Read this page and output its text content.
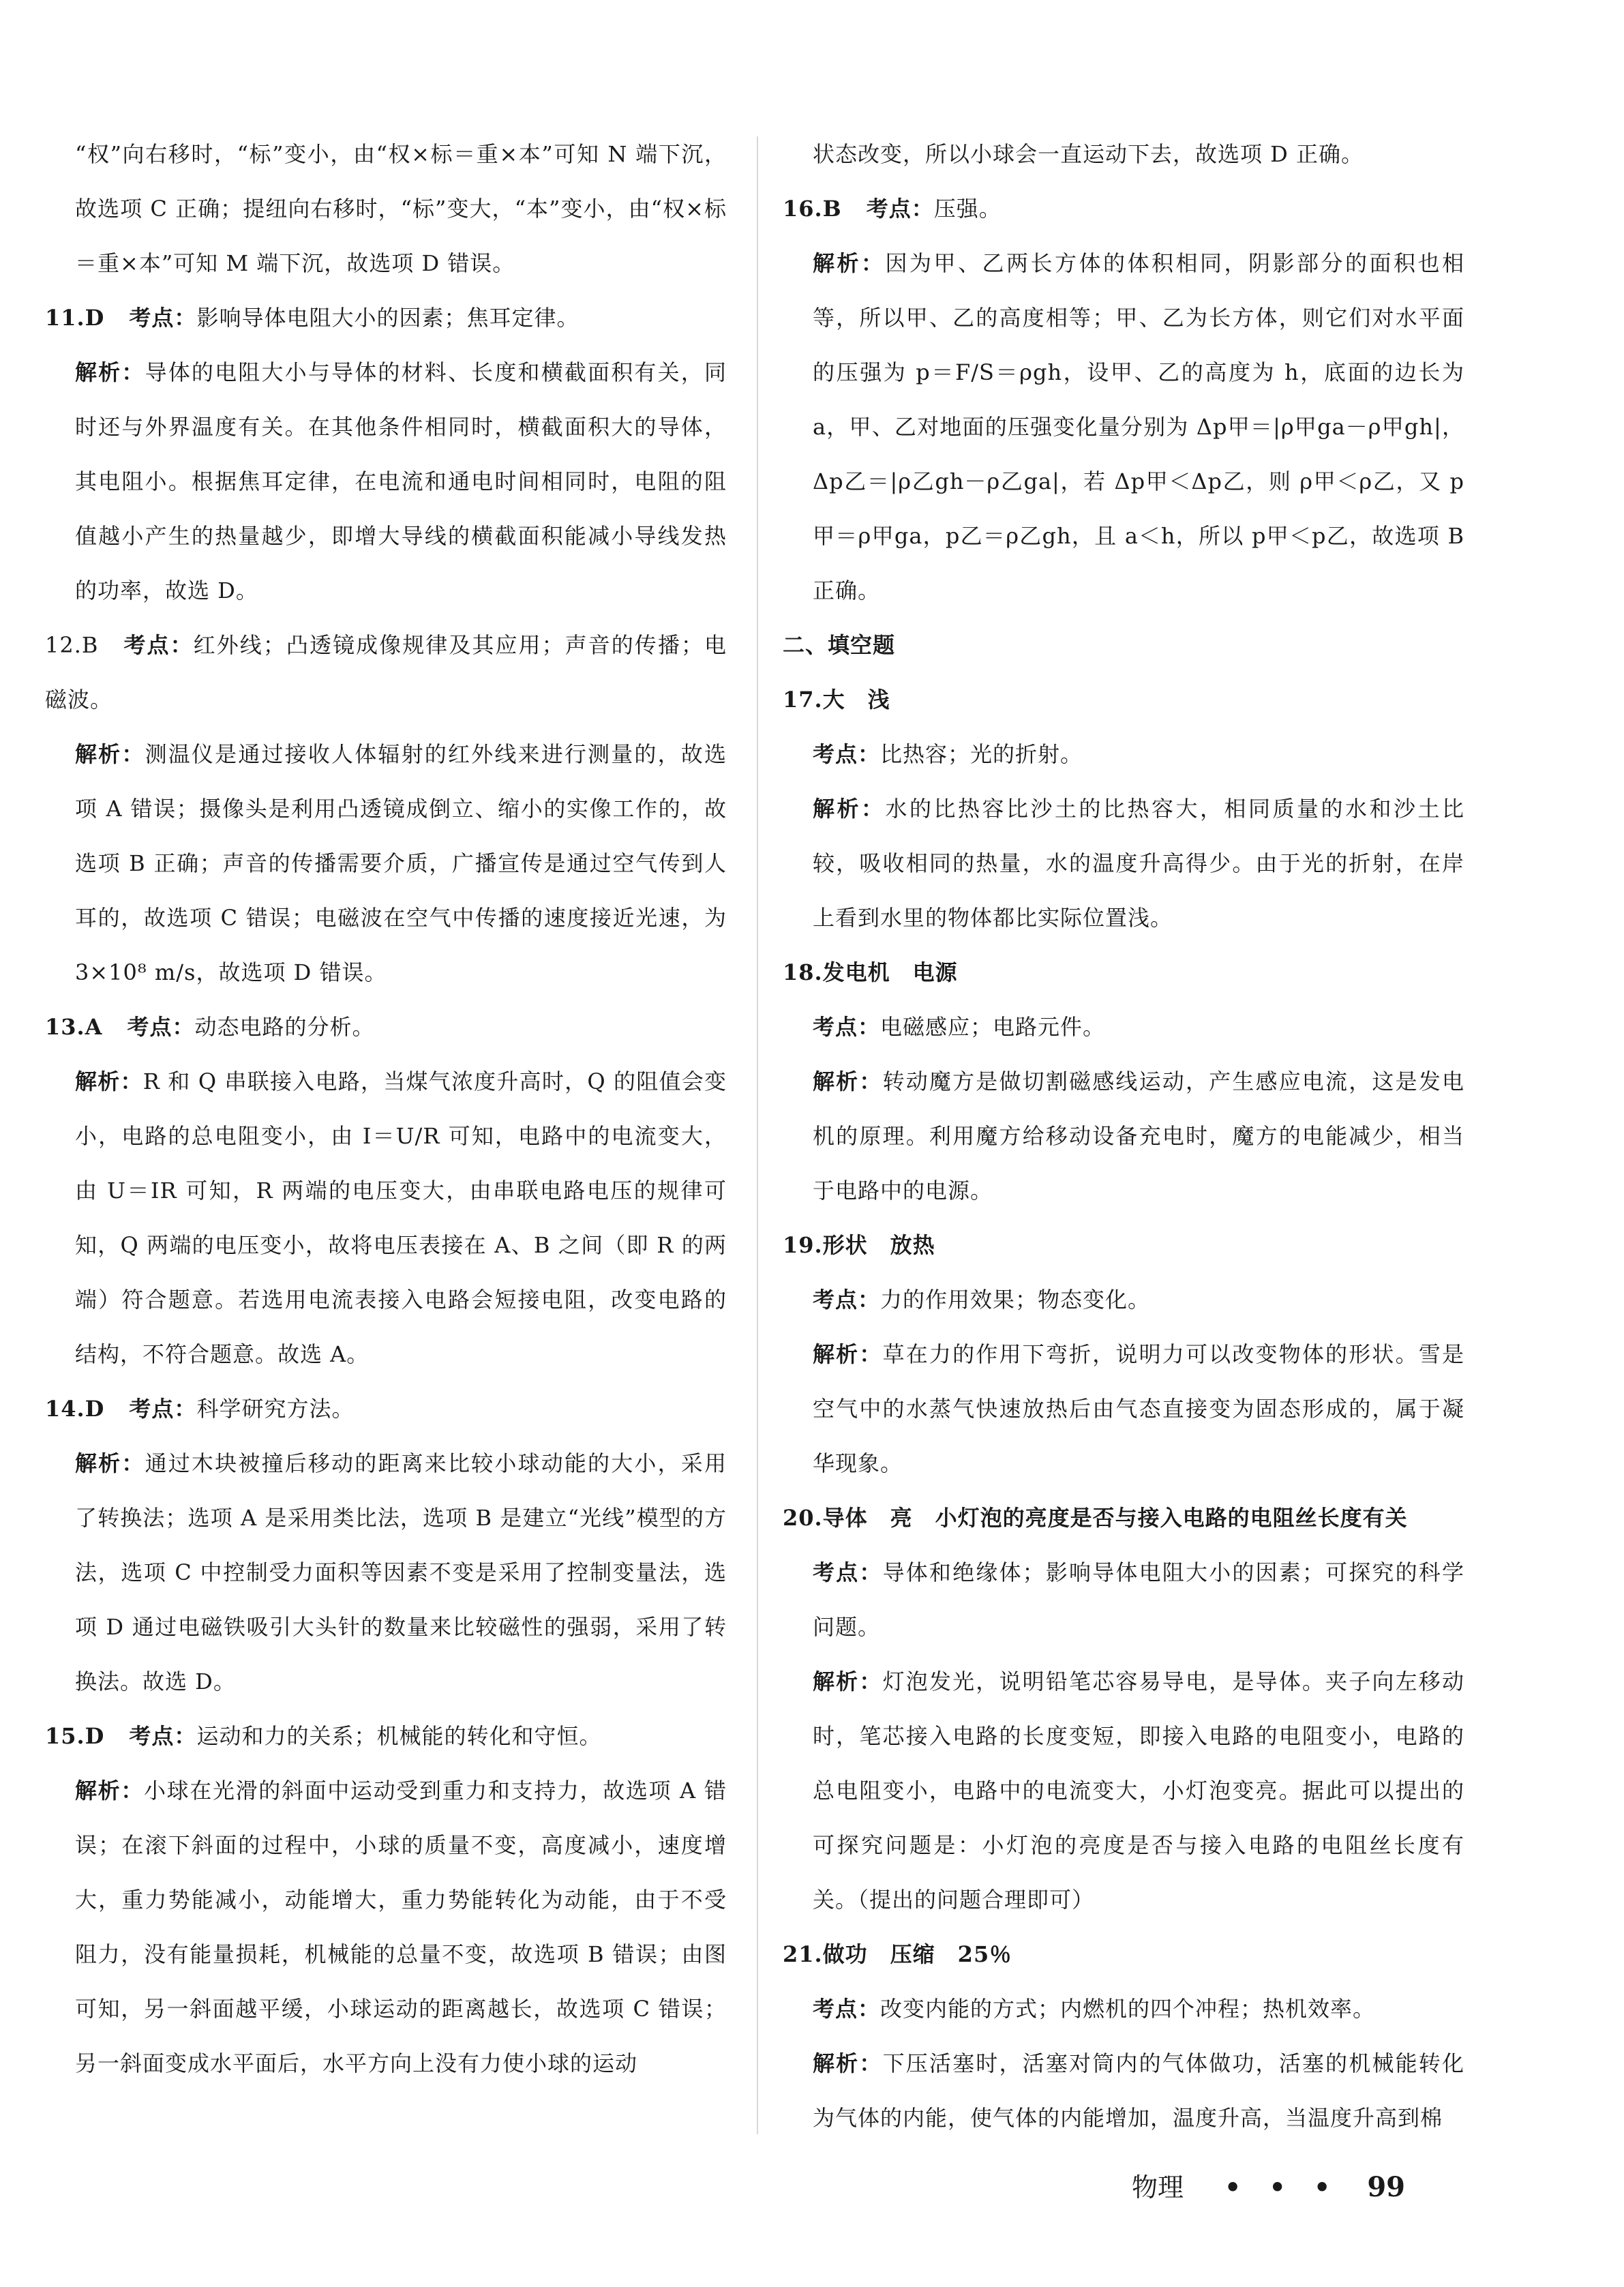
“权”向右移时，“标”变小，由“权×标＝重×本”可知 N 端下沉，故选项 C 正确；提纽向右移时，“标”变大，“本”变小，由“权×标＝重×本”可知 M 端下沉，故选项 D 错误。

11.D 考点：影响导体电阻大小的因素；焦耳定律。

解析：导体的电阻大小与导体的材料、长度和横截面积有关，同时还与外界温度有关。在其他条件相同时，横截面积大的导体，其电阻小。根据焦耳定律，在电流和通电时间相同时，电阻的阻值越小产生的热量越少，即增大导线的横截面积能减小导线发热的功率，故选 D。

12.B 考点：红外线；凸透镜成像规律及其应用；声音的传播；电磁波。

解析：测温仪是通过接收人体辐射的红外线来进行测量的，故选项 A 错误；摄像头是利用凸透镜成倒立、缩小的实像工作的，故选项 B 正确；声音的传播需要介质，广播宣传是通过空气传到人耳的，故选项 C 错误；电磁波在空气中传播的速度接近光速，为 3×10⁸ m/s，故选项 D 错误。

13.A 考点：动态电路的分析。

解析：R 和 Q 串联接入电路，当煤气浓度升高时，Q 的阻值会变小，电路的总电阻变小，由 I＝U/R 可知，电路中的电流变大，由 U＝IR 可知，R 两端的电压变大，由串联电路电压的规律可知，Q 两端的电压变小，故将电压表接在 A、B 之间（即 R 的两端）符合题意。若选用电流表接入电路会短接电阻，改变电路的结构，不符合题意。故选 A。

14.D 考点：科学研究方法。

解析：通过木块被撞后移动的距离来比较小球动能的大小，采用了转换法；选项 A 是采用类比法，选项 B 是建立“光线”模型的方法，选项 C 中控制受力面积等因素不变是采用了控制变量法，选项 D 通过电磁铁吸引大头针的数量来比较磁性的强弱，采用了转换法。故选 D。

15.D 考点：运动和力的关系；机械能的转化和守恒。

解析：小球在光滑的斜面中运动受到重力和支持力，故选项 A 错误；在滚下斜面的过程中，小球的质量不变，高度减小，速度增大，重力势能减小，动能增大，重力势能转化为动能，由于不受阻力，没有能量损耗，机械能的总量不变，故选项 B 错误；由图可知，另一斜面越平缓，小球运动的距离越长，故选项 C 错误；另一斜面变成水平面后，水平方向上没有力使小球的运动

状态改变，所以小球会一直运动下去，故选项 D 正确。

16.B 考点：压强。

解析：因为甲、乙两长方体的体积相同，阴影部分的面积也相等，所以甲、乙的高度相等；甲、乙为长方体，则它们对水平面的压强为 p＝F/S＝ρgh，设甲、乙的高度为 h，底面的边长为 a，甲、乙对地面的压强变化量分别为 Δp甲＝|ρ甲ga－ρ甲gh|，Δp乙＝|ρ乙gh－ρ乙ga|，若 Δp甲＜Δp乙，则 ρ甲＜ρ乙，又 p甲＝ρ甲ga，p乙＝ρ乙gh，且 a＜h，所以 p甲＜p乙，故选项 B 正确。

二、填空题

17.大　浅

考点：比热容；光的折射。

解析：水的比热容比沙土的比热容大，相同质量的水和沙土比较，吸收相同的热量，水的温度升高得少。由于光的折射，在岸上看到水里的物体都比实际位置浅。

18.发电机　电源

考点：电磁感应；电路元件。

解析：转动魔方是做切割磁感线运动，产生感应电流，这是发电机的原理。利用魔方给移动设备充电时，魔方的电能减少，相当于电路中的电源。

19.形状　放热

考点：力的作用效果；物态变化。

解析：草在力的作用下弯折，说明力可以改变物体的形状。雪是空气中的水蒸气快速放热后由气态直接变为固态形成的，属于凝华现象。

20.导体　亮　小灯泡的亮度是否与接入电路的电阻丝长度有关

考点：导体和绝缘体；影响导体电阻大小的因素；可探究的科学问题。

解析：灯泡发光，说明铅笔芯容易导电，是导体。夹子向左移动时，笔芯接入电路的长度变短，即接入电路的电阻变小，电路的总电阻变小，电路中的电流变大，小灯泡变亮。据此可以提出的可探究问题是：小灯泡的亮度是否与接入电路的电阻丝长度有关。（提出的问题合理即可）

21.做功　压缩　25％

考点：改变内能的方式；内燃机的四个冲程；热机效率。

解析：下压活塞时，活塞对筒内的气体做功，活塞的机械能转化为气体的内能，使气体的内能增加，温度升高，当温度升高到棉

物理 • • • 99
